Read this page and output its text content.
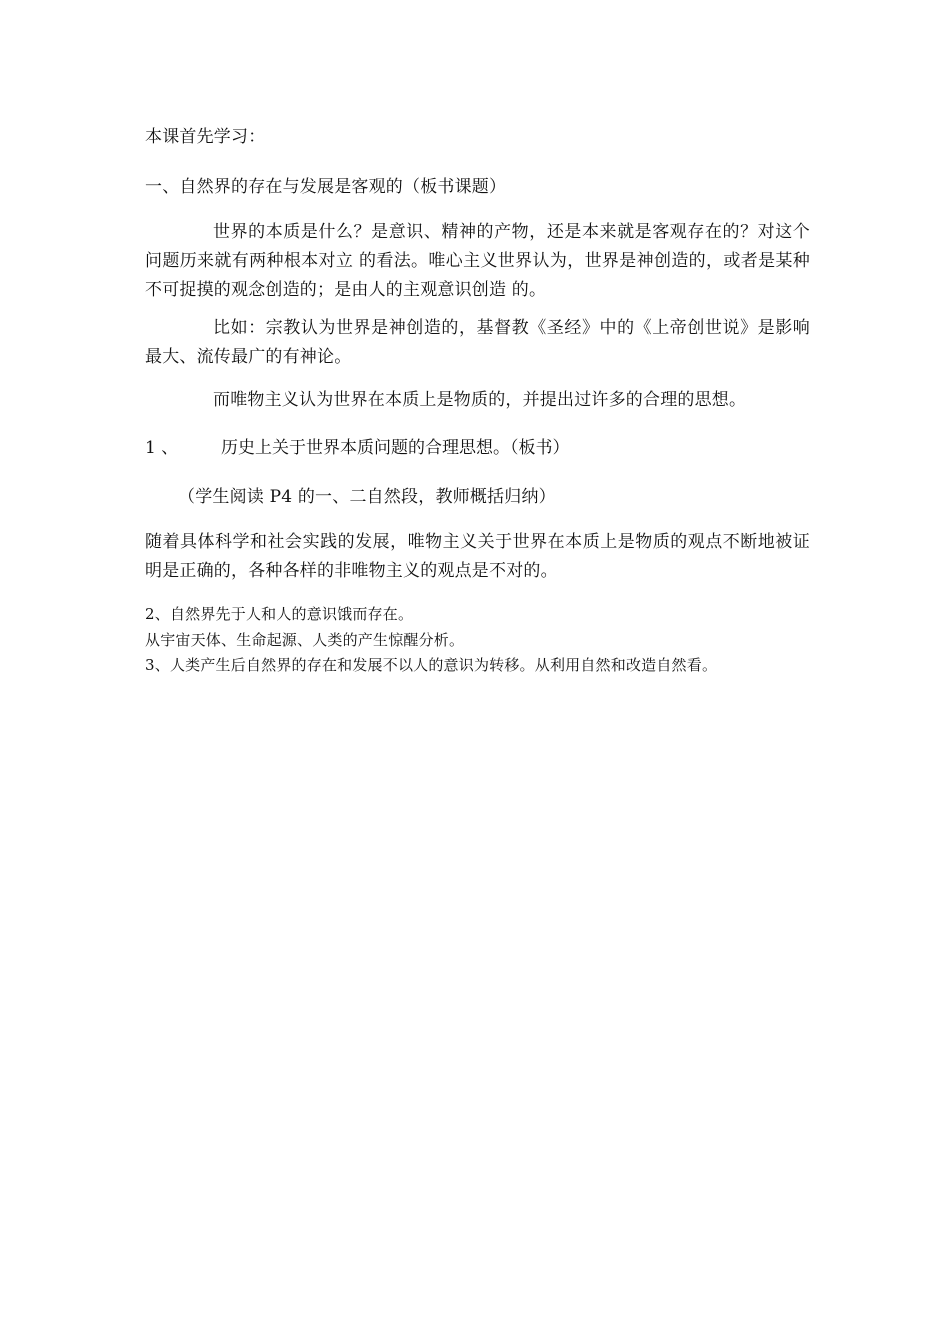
本课首先学习：
一、自然界的存在与发展是客观的（板书课题）
世界的本质是什么？是意识、精神的产物，还是本来就是客观存在的？对这个问题历来就有两种根本对立 的看法。唯心主义世界认为，世界是神创造的，或者是某种不可捉摸的观念创造的；是由人的主观意识创造 的。
比如：宗教认为世界是神创造的，基督教《圣经》中的《上帝创世说》是影响最大、流传最广的有神论。
而唯物主义认为世界在本质上是物质的，并提出过许多的合理的思想。
1 、	历史上关于世界本质问题的合理思想。（板书）
（学生阅读 P4 的一、二自然段，教师概括归纳）
随着具体科学和社会实践的发展，唯物主义关于世界在本质上是物质的观点不断地被证明是正确的，各种各样的非唯物主义的观点是不对的。
2、自然界先于人和人的意识饿而存在。
从宇宙天体、生命起源、人类的产生惊醒分析。
3、人类产生后自然界的存在和发展不以人的意识为转移。从利用自然和改造自然看。
